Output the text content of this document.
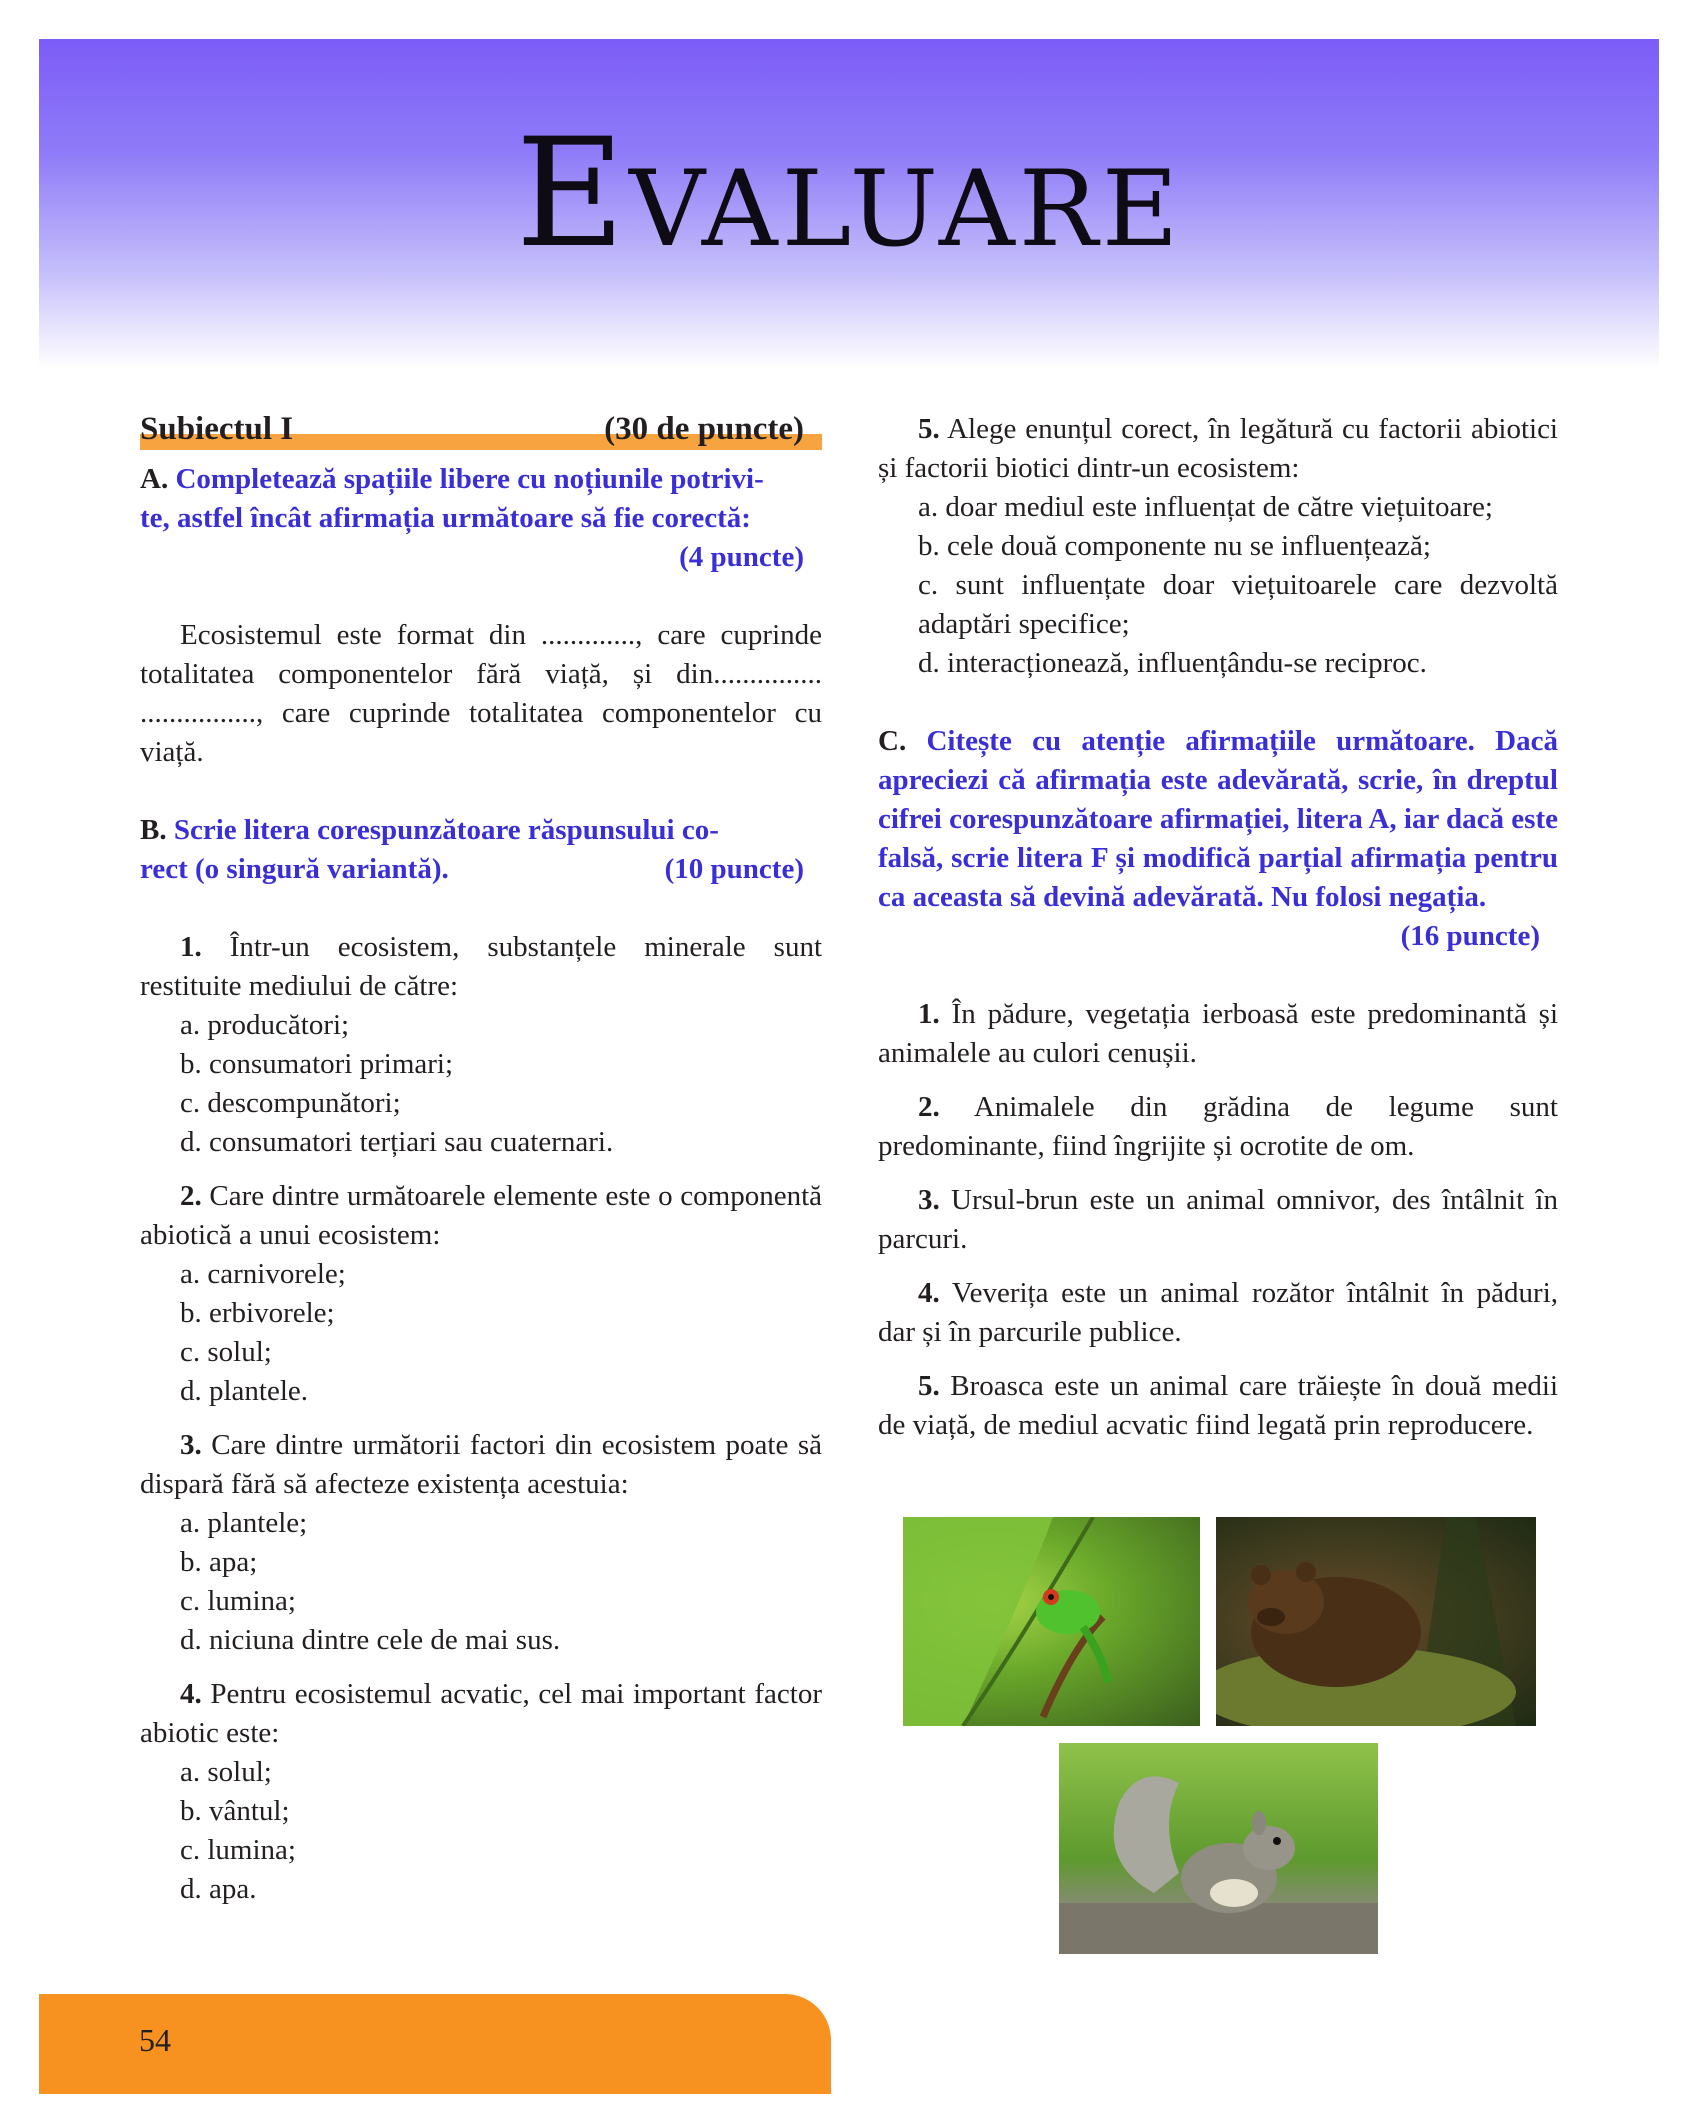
Evaluare
Subiectul I	(30 de puncte)

A. Completează spațiile libere cu noțiunile potrivi-

te, astfel încât afirmația următoare să fie corectă:

(4 puncte)

Ecosistemul este format din ............., care cuprinde totalitatea componentelor fără viață, și din............... ................, care cuprinde totalitatea componentelor cu viață.

B. Scrie litera corespunzătoare răspunsului co-

rect (o singură variantă).	(10 puncte)

1. Într-un ecosistem, substanțele minerale sunt restituite mediului de către:

a. producători;

b. consumatori primari;

c. descompunători;

d. consumatori terțiari sau cuaternari.

2. Care dintre următoarele elemente este o componentă abiotică a unui ecosistem:

a. carnivorele;

b. erbivorele;

c. solul;

d. plantele.

3. Care dintre următorii factori din ecosistem poate să dispară fără să afecteze existența acestuia:

a. plantele;

b. apa;

c. lumina;

d. niciuna dintre cele de mai sus.

4. Pentru ecosistemul acvatic, cel mai important factor abiotic este:

a. solul;

b. vântul;

c. lumina;

d. apa.

5. Alege enunțul corect, în legătură cu factorii abiotici și factorii biotici dintr-un ecosistem:

a. doar mediul este influențat de către viețuitoare;

b. cele două componente nu se influențează;

c. sunt influențate doar viețuitoarele care dezvoltă adaptări specifice;

d. interacționează, influențându-se reciproc.

C. Citește cu atenție afirmațiile următoare. Dacă apreciezi că afirmația este adevărată, scrie, în dreptul cifrei corespunzătoare afirmației, litera A, iar dacă este falsă, scrie litera F și modifică parțial afirmația pentru ca aceasta să devină adevărată. Nu folosi negația.
(16 puncte)

1. În pădure, vegetația ierboasă este predominantă și animalele au culori cenușii.

2. Animalele din grădina de legume sunt predominante, fiind îngrijite și ocrotite de om.

3. Ursul-brun este un animal omnivor, des întâlnit în parcuri.

4. Veverița este un animal rozător întâlnit în păduri, dar și în parcurile publice.

5. Broasca este un animal care trăiește în două medii de viață, de mediul acvatic fiind legată prin reproducere.

54
